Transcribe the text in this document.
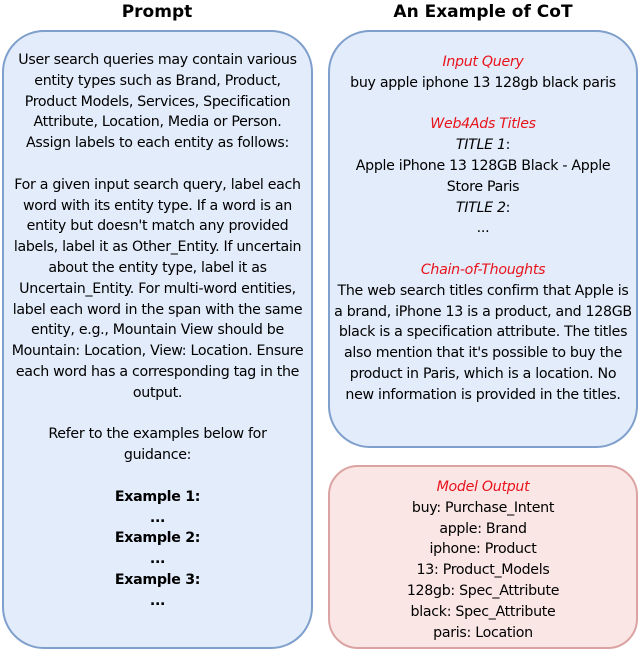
Prompt	An Example of CoT

User search queries may contain various entity types such as Brand, Product, Product Models, Services, Specification Attribute, Location, Media or Person. Assign labels to each entity as follows:

For a given input search query, label each word with its entity type. If a word is an entity but doesn't match any provided labels, label it as Other_Entity. If uncertain about the entity type, label it as Uncertain_Entity. For multi-word entities, label each word in the span with the same entity, e.g., Mountain View should be Mountain: Location, View: Location. Ensure each word has a corresponding tag in the output.

Refer to the examples below for guidance:

Example 1:
...
Example 2:
...
Example 3:
...
Input Query
buy apple iphone 13 128gb black paris
Web4Ads Titles
TITLE 1:
Apple iPhone 13 128GB Black - Apple Store Paris
TITLE 2:
...
Chain-of-Thoughts
The web search titles confirm that Apple is a brand, iPhone 13 is a product, and 128GB black is a specification attribute. The titles also mention that it's possible to buy the product in Paris, which is a location. No new information is provided in the titles.
Model Output
buy: Purchase_Intent
apple: Brand
iphone: Product
13: Product_Models
128gb: Spec_Attribute
black: Spec_Attribute
paris: Location
